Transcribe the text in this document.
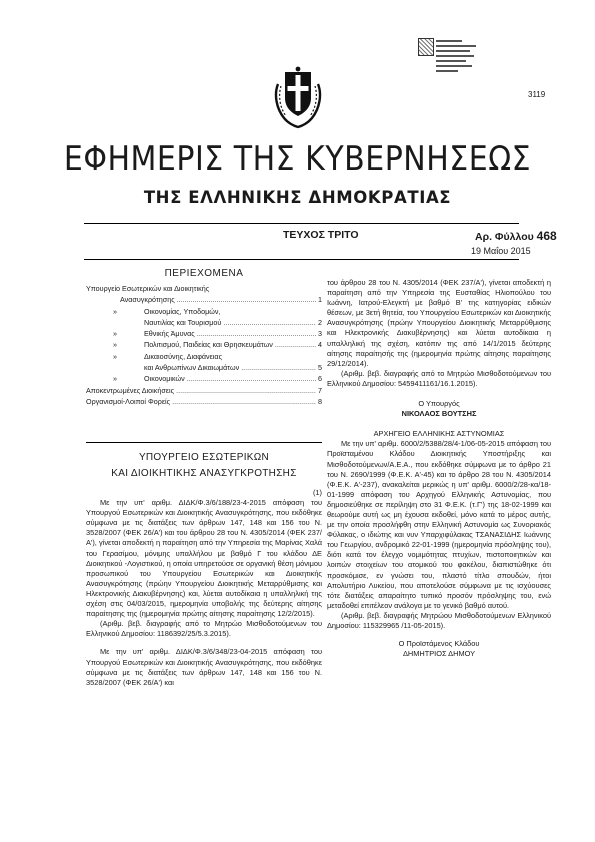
3119
ΕΦΗΜΕΡΙΣ ΤΗΣ ΚΥΒΕΡΝΗΣΕΩΣ
ΤΗΣ ΕΛΛΗΝΙΚΗΣ ΔΗΜΟΚΡΑΤΙΑΣ
ΤΕΥΧΟΣ ΤΡΙΤΟ	Αρ. Φύλλου 468
19 Μαΐου 2015
ΠΕΡΙΕΧΟΜΕΝΑ
Υπουργείο Εσωτερικών και Διοικητικής
Ανασυγκρότησης .....	1
»	Οικονομίας, Υποδομών,
Ναυτιλίας και Τουρισμού .....	2
»	Εθνικής Άμυνας .....	3
»	Πολιτισμού, Παιδείας και Θρησκευμάτων .....	4
»	Δικαιοσύνης, Διαφάνειας
και Ανθρωπίνων Δικαιωμάτων .....	5
»	Οικονομικών .....	6
Αποκεντρωμένες Διοικήσεις .....	7
Οργανισμοί-Λοιποί Φορείς .....	8
ΥΠΟΥΡΓΕΙΟ ΕΣΩΤΕΡΙΚΩΝ
ΚΑΙ ΔΙΟΙΚΗΤΙΚΗΣ ΑΝΑΣΥΓΚΡΟΤΗΣΗΣ

(1)

Με την υπ' αριθμ. ΔΙΔΚ/Φ.3/6/188/23-4-2015 απόφαση του Υπουργού Εσωτερικών και Διοικητικής Ανασυγκρότησης, που εκδόθηκε σύμφωνα με τις διατάξεις των άρθρων 147, 148 και 156 του Ν. 3528/2007 (ΦΕΚ 26/Α') και του άρθρου 28 του Ν. 4305/2014 (ΦΕΚ 237/Α'), γίνεται αποδεκτή η παραίτηση από την Υπηρεσία της Μαρίνας Χαλά του Γερασίμου, μόνιμης υπαλλήλου με βαθμό Γ του κλάδου ΔΕ Διοικητικού -Λογιστικού, η οποία υπηρετούσε σε οργανική θέση μόνιμου προσωπικού του Υπουργείου Εσωτερικών και Διοικητικής Ανασυγκρότησης (πρώην Υπουργείου Διοικητικής Μεταρρύθμισης και Ηλεκτρονικής Διακυβέρνησης) και, λύεται αυτοδίκαια η υπαλληλική της σχέση στις 04/03/2015, ημερομηνία υποβολής της δεύτερης αίτησης παραίτησης της (ημερομηνία πρώτης αίτησης παραίτησης 12/2/2015).

(Αριθμ. βεβ. διαγραφής από το Μητρώο Μισθοδοτούμενων του Ελληνικού Δημοσίου: 1186392/25/5.3.2015).

Με την υπ' αριθμ. ΔΙΔΚ/Φ.3/6/348/23-04-2015 απόφαση του Υπουργού Εσωτερικών και Διοικητικής Ανασυγκρότησης, που εκδόθηκε σύμφωνα με τις διατάξεις των άρθρων 147, 148 και 156 του Ν. 3528/2007 (ΦΕΚ 26/Α') και

του άρθρου 28 του Ν. 4305/2014 (ΦΕΚ 237/Α'), γίνεται αποδεκτή η παραίτηση από την Υπηρεσία της Ευσταθίας Ηλιοπούλου του Ιωάννη, Ιατρού-Ελεγκτή με βαθμό Β' της κατηγορίας ειδικών θέσεων, με 3ετή θητεία, του Υπουργείου Εσωτερικών και Διοικητικής Ανασυγκρότησης (πρώην Υπουργείου Διοικητικής Μεταρρύθμισης και Ηλεκτρονικής Διακυβέρνησης) και λύεται αυτοδίκαια η υπαλληλική της σχέση, κατόπιν της από 14/1/2015 δεύτερης αίτησης παραίτησής της (ημερομηνία πρώτης αίτησης παραίτησης 29/12/2014).

(Αριθμ. βεβ. διαγραφής από το Μητρώο Μισθοδοτούμενων του Ελληνικού Δημοσίου: 5459411161/16.1.2015).

Ο Υπουργός

ΝΙΚΟΛΑΟΣ ΒΟΥΤΣΗΣ

ΑΡΧΗΓΕΙΟ ΕΛΛΗΝΙΚΗΣ ΑΣΤΥΝΟΜΙΑΣ

Με την υπ' αριθμ. 6000/2/5388/28/4-1/06-05-2015 απόφαση του Προϊσταμένου Κλάδου Διοικητικής Υποστήριξης και Μισθοδοτούμενων/Α.Ε.Α., που εκδόθηκε σύμφωνα με το άρθρο 21 του Ν. 2690/1999 (Φ.Ε.Κ. Α'-45) και το άρθρο 28 του Ν. 4305/2014 (Φ.Ε.Κ. Α'-237), ανακαλείται μερικώς η υπ' αριθμ. 6000/2/28-κα/18-01-1999 απόφαση του Αρχηγού Ελληνικής Αστυνομίας, που δημοσιεύθηκε σε περίληψη στο 31 Φ.Ε.Κ. (τ.Γ') της 18-02-1999 και θεωρούμε αυτή ως μη έχουσα εκδοθεί, μόνο κατά το μέρος αυτής, με την οποία προσλήφθη στην Ελληνική Αστυνομία ως Συνοριακός Φύλακας, ο ιδιώτης και νυν Υπαρχιφύλακας ΤΣΑΝΑΣΙΔΗΣ Ιωάννης του Γεωργίου, ανδρομικό 22-01-1999 (ημερομηνία πρόσληψης του), διότι κατά τον έλεγχο νομιμότητας πτυχίων, πιστοποιητικών και λοιπών στοιχείων του ατομικού του φακέλου, διαπιστώθηκε ότι προσκόμισε, εν γνώσει του, πλαστό τίτλο σπουδών, ήτοι Απολυτήριο Λυκείου, που αποτελούσε σύμφωνα με τις ισχύουσες τότε διατάξεις απαραίτητο τυπικό προσόν πρόσληψης του, ενώ μεταδοθεί επιτέλεον ανάλογα με το γενικό βαθμό αυτού.

(Αριθμ. βεβ. διαγραφής Μητρώου Μισθοδοτούμενων Ελληνικού Δημοσίου: 115329965 /11-05-2015).

Ο Προϊστάμενος Κλάδου

ΔΗΜΗΤΡΙΟΣ ΔΗΜΟΥ
